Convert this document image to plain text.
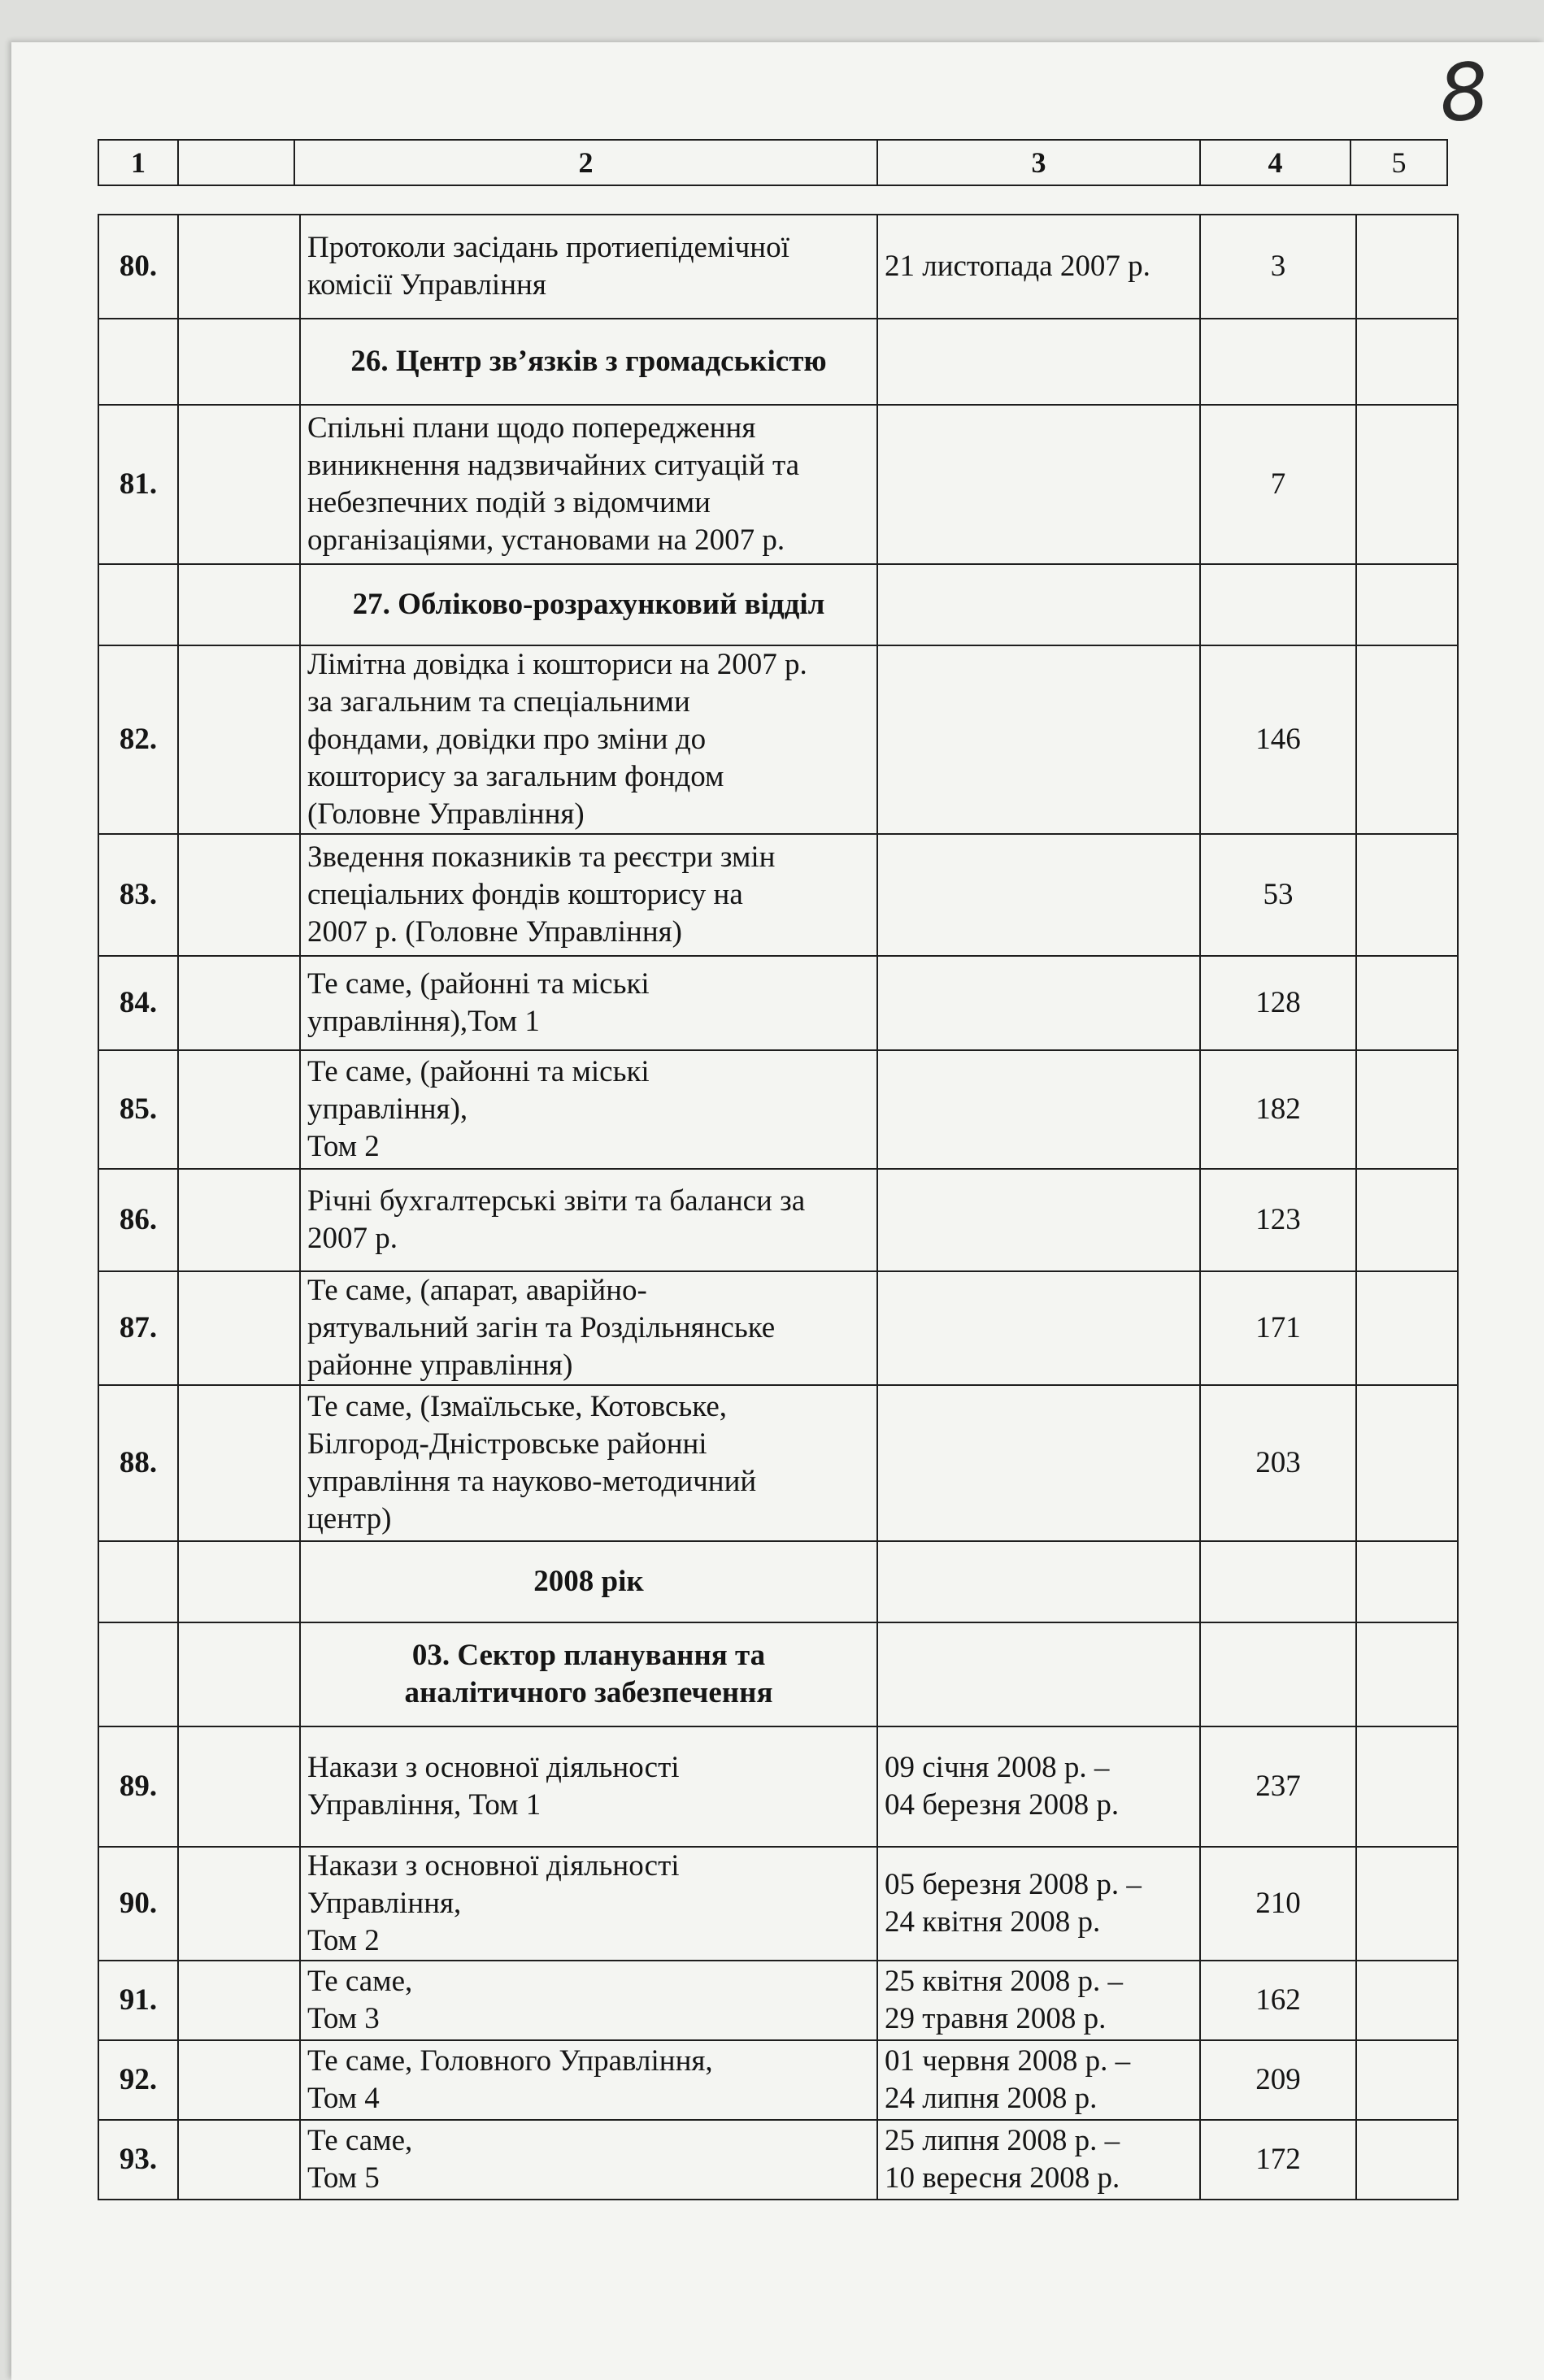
8
1		2	3	4	5
80.		Протоколи засідань протиепідемічної
комісії Управління	21 листопада 2007 р.	3	
		26. Центр зв’язків з громадськістю			
81.		Спільні плани щодо попередження
виникнення надзвичайних ситуацій та
небезпечних подій з відомчими
організаціями, установами на 2007 р.		7	
		27. Обліково-розрахунковий відділ			
82.		Лімітна довідка і кошториси на 2007 р.
за загальним та спеціальними
фондами, довідки про зміни до
кошторису за загальним фондом
(Головне Управління)		146	
83.		Зведення показників та реєстри змін
спеціальних фондів кошторису на
2007 р. (Головне Управління)		53	
84.		Те саме, (районні та міські
управління),Том 1		128	
85.		Те саме, (районні та міські
управління),
Том 2		182	
86.		Річні бухгалтерські звіти та баланси за
2007 р.		123	
87.		Те саме, (апарат, аварійно-
рятувальний загін та Роздільнянське
районне управління)		171	
88.		Те саме, (Ізмаїльське, Котовське,
Білгород-Дністровське районні
управління та науково-методичний
центр)		203	
		2008 рік			
		03. Сектор планування та
аналітичного забезпечення			
89.		Накази з основної діяльності
Управління, Том 1	09 січня 2008 р. –
04 березня 2008 р.	237	
90.		Накази з основної діяльності
Управління,
Том 2	05 березня 2008 р. –
24 квітня 2008 р.	210	
91.		Те саме,
Том 3	25 квітня 2008 р. –
29 травня 2008 р.	162	
92.		Те саме, Головного Управління,
Том 4	01 червня 2008 р. –
24 липня 2008 р.	209	
93.		Те саме,
Том 5	25 липня 2008 р. –
10 вересня 2008 р.	172	
